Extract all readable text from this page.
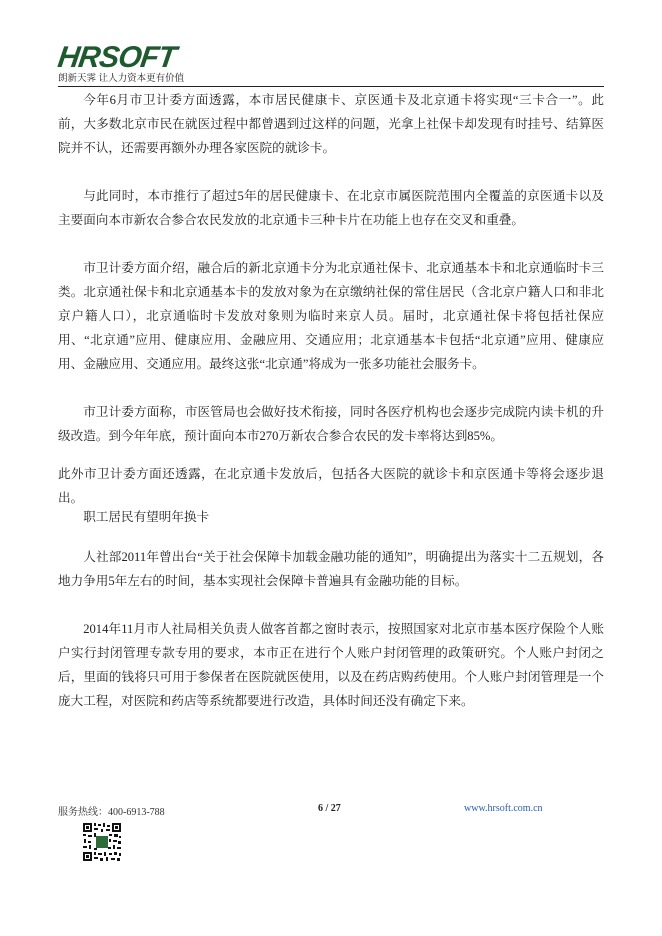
HRSOFT
朗新天霁 让人力资本更有价值

今年6月市卫计委方面透露，本市居民健康卡、京医通卡及北京通卡将实现“三卡合一”。此前，大多数北京市民在就医过程中都曾遇到过这样的问题，光拿上社保卡却发现有时挂号、结算医院并不认，还需要再额外办理各家医院的就诊卡。

与此同时，本市推行了超过5年的居民健康卡、在北京市属医院范围内全覆盖的京医通卡以及主要面向本市新农合参合农民发放的北京通卡三种卡片在功能上也存在交叉和重叠。

市卫计委方面介绍，融合后的新北京通卡分为北京通社保卡、北京通基本卡和北京通临时卡三类。北京通社保卡和北京通基本卡的发放对象为在京缴纳社保的常住居民（含北京户籍人口和非北京户籍人口），北京通临时卡发放对象则为临时来京人员。届时，北京通社保卡将包括社保应用、“北京通”应用、健康应用、金融应用、交通应用；北京通基本卡包括“北京通”应用、健康应用、金融应用、交通应用。最终这张“北京通”将成为一张多功能社会服务卡。

市卫计委方面称，市医管局也会做好技术衔接，同时各医疗机构也会逐步完成院内读卡机的升级改造。到今年年底，预计面向本市270万新农合参合农民的发卡率将达到85%。

此外市卫计委方面还透露，在北京通卡发放后，包括各大医院的就诊卡和京医通卡等将会逐步退出。

职工居民有望明年换卡

人社部2011年曾出台“关于社会保障卡加载金融功能的通知”，明确提出为落实十二五规划，各地力争用5年左右的时间，基本实现社会保障卡普遍具有金融功能的目标。

2014年11月市人社局相关负责人做客首都之窗时表示，按照国家对北京市基本医疗保险个人账户实行封闭管理专款专用的要求，本市正在进行个人账户封闭管理的政策研究。个人账户封闭之后，里面的钱将只可用于参保者在医院就医使用，以及在药店购药使用。个人账户封闭管理是一个庞大工程，对医院和药店等系统都要进行改造，具体时间还没有确定下来。

服务热线：400-6913-788	6 / 27	www.hrsoft.com.cn
